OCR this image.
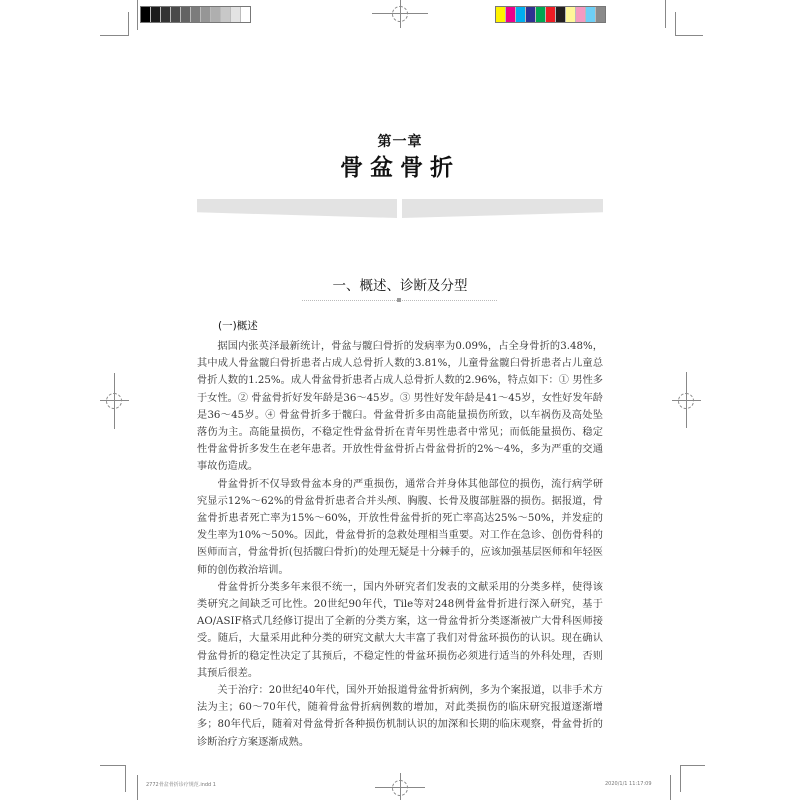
第一章
骨盆骨折
一、概述、诊断及分型
(一)概述

据国内张英泽最新统计，骨盆与髋臼骨折的发病率为0.09%，占全身骨折的3.48%，其中成人骨盆髋臼骨折患者占成人总骨折人数的3.81%，儿童骨盆髋臼骨折患者占儿童总骨折人数的1.25%。成人骨盆骨折患者占成人总骨折人数的2.96%，特点如下：① 男性多于女性。② 骨盆骨折好发年龄是36～45岁。③ 男性好发年龄是41～45岁，女性好发年龄是36～45岁。④ 骨盆骨折多于髋臼。骨盆骨折多由高能量损伤所致，以车祸伤及高处坠落伤为主。高能量损伤，不稳定性骨盆骨折在青年男性患者中常见；而低能量损伤、稳定性骨盆骨折多发生在老年患者。开放性骨盆骨折占骨盆骨折的2%～4%，多为严重的交通事故伤造成。

骨盆骨折不仅导致骨盆本身的严重损伤，通常合并身体其他部位的损伤，流行病学研究显示12%～62%的骨盆骨折患者合并头颅、胸腹、长骨及腹部脏器的损伤。据报道，骨盆骨折患者死亡率为15%～60%，开放性骨盆骨折的死亡率高达25%～50%，并发症的发生率为10%～50%。因此，骨盆骨折的急救处理相当重要。对工作在急诊、创伤骨科的医师而言，骨盆骨折(包括髋臼骨折)的处理无疑是十分棘手的，应该加强基层医师和年轻医师的创伤救治培训。

骨盆骨折分类多年来很不统一，国内外研究者们发表的文献采用的分类多样，使得该类研究之间缺乏可比性。20世纪90年代，Tile等对248例骨盆骨折进行深入研究，基于AO/ASIF格式几经修订提出了全新的分类方案，这一骨盆骨折分类逐渐被广大骨科医师接受。随后，大量采用此种分类的研究文献大大丰富了我们对骨盆环损伤的认识。现在确认骨盆骨折的稳定性决定了其预后，不稳定性的骨盆环损伤必须进行适当的外科处理，否则其预后很差。

关于治疗：20世纪40年代，国外开始报道骨盆骨折病例，多为个案报道，以非手术方法为主；60～70年代，随着骨盆骨折病例数的增加，对此类损伤的临床研究报道逐渐增多；80年代后，随着对骨盆骨折各种损伤机制认识的加深和长期的临床观察，骨盆骨折的诊断治疗方案逐渐成熟。

2772骨盆骨折诊疗规范.indd 1	2020/1/1 11:17:09
